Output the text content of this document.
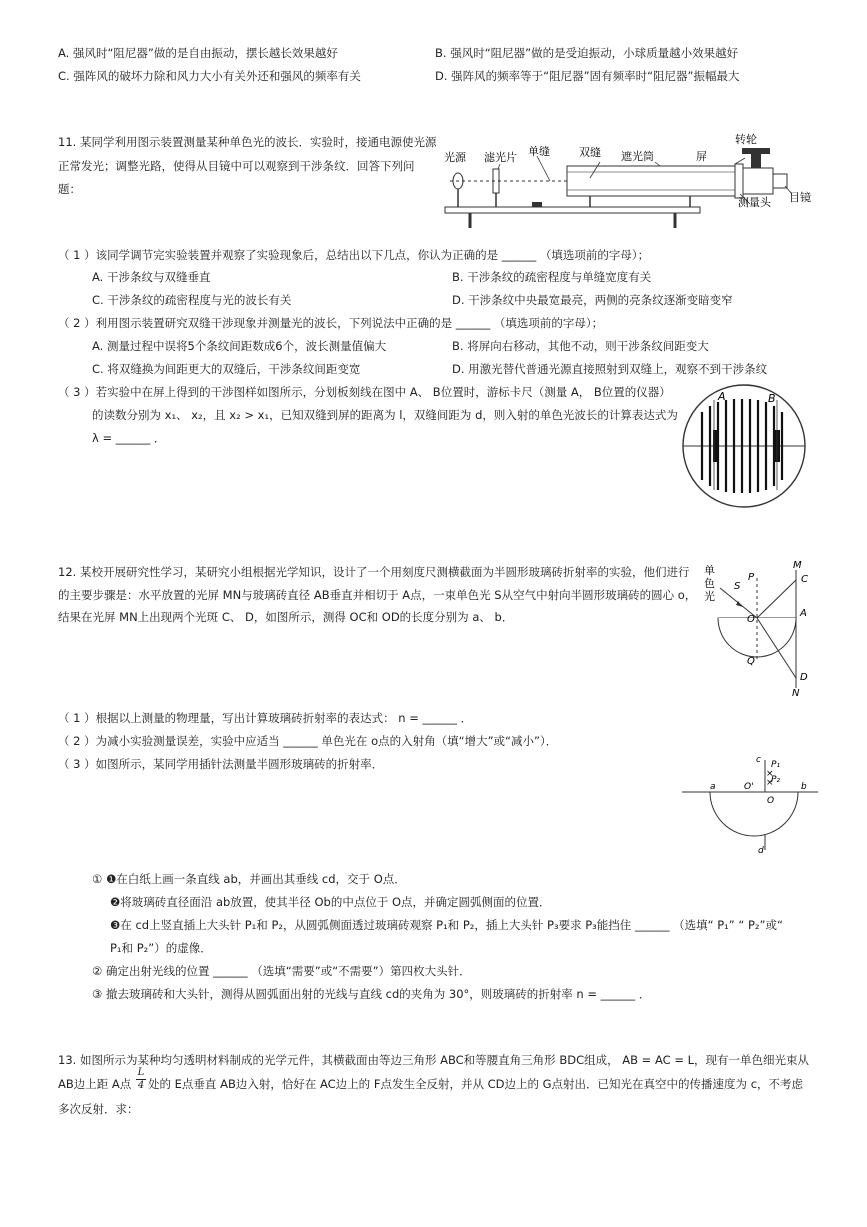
A. 强风时“阻尼器”做的是自由振动，摆长越长效果越好	B. 强风时“阻尼器”做的是受迫振动，小球质量越小效果越好
C. 强阵风的破坏力除和风力大小有关外还和强风的频率有关	D. 强阵风的频率等于“阻尼器”固有频率时“阻尼器”振幅最大
11. 某同学利用图示装置测量某种单色光的波长．实验时，接通电源使光源
正常发光；调整光路，使得从目镜中可以观察到干涉条纹．回答下列问
题：
光源 滤光片 单缝	双缝 遮光筒	屏
转轮
目镜
测量头
（ 1 ）该同学调节完实验装置并观察了实验现象后，总结出以下几点，你认为正确的是 ______ （填选项前的字母）；
A. 干涉条纹与双缝垂直	B. 干涉条纹的疏密程度与单缝宽度有关
C. 干涉条纹的疏密程度与光的波长有关	D. 干涉条纹中央最宽最亮，两侧的亮条纹逐渐变暗变窄
（ 2 ）利用图示装置研究双缝干涉现象并测量光的波长，下列说法中正确的是 ______ （填选项前的字母）；
A. 测量过程中误将5个条纹间距数成6个，波长测量值偏大	B. 将屏向右移动，其他不动，则干涉条纹间距变大
C. 将双缝换为间距更大的双缝后，干涉条纹间距变宽	D. 用激光替代普通光源直接照射到双缝上，观察不到干涉条纹
（ 3 ）若实验中在屏上得到的干涉图样如图所示，分划板刻线在图中 A、 B位置时，游标卡尺（测量 A， B位置的仪器）
的读数分别为 x₁、 x₂，且 x₂ > x₁，已知双缝到屏的距离为 l，双缝间距为 d，则入射的单色光波长的计算表达式为
λ = ______ ．
A	B
12. 某校开展研究性学习，某研究小组根据光学知识，设计了一个用刻度尺测横截面为半圆形玻璃砖折射率的实验，他们进行
的主要步骤是：水平放置的光屏 MN与玻璃砖直径 AB垂直并相切于 A点，一束单色光 S从空气中射向半圆形玻璃砖的圆心 o，
结果在光屏 MN上出现两个光斑 C、 D，如图所示，测得 OC和 OD的长度分别为 a、 b．
单
色
光
S
P
M
C
O
A
Q
D
N
（ 1 ）根据以上测量的物理量，写出计算玻璃砖折射率的表达式： n = ______ ．
（ 2 ）为减小实验测量误差，实验中应适当 ______ 单色光在 o点的入射角（填“增大”或“减小”）．
（ 3 ）如图所示，某同学用插针法测量半圆形玻璃砖的折射率．
×
×
c P₁
P₂
a	O'
O
b
d
① ❶在白纸上画一条直线 ab，并画出其垂线 cd，交于 O点．
❷将玻璃砖直径面沿 ab放置，使其半径 Ob的中点位于 O点，并确定圆弧侧面的位置．
❸在 cd上竖直插上大头针 P₁和 P₂，从圆弧侧面透过玻璃砖观察 P₁和 P₂，插上大头针 P₃要求 P₃能挡住 ______ （选填“ P₁” “ P₂”或“
P₁和 P₂”）的虚像．
② 确定出射光线的位置 ______ （选填“需要”或“不需要”）第四枚大头针．
③ 撤去玻璃砖和大头针，测得从圆弧面出射的光线与直线 cd的夹角为 30°，则玻璃砖的折射率 n = ______ ．
13. 如图所示为某种均匀透明材料制成的光学元件，其横截面由等边三角形 ABC和等腰直角三角形 BDC组成， AB = AC = L，现有一单色细光束从
AB边上距 A点 $\frac{L}{4}$ 处的 E点垂直 AB边入射，恰好在 AC边上的 F点发生全反射，并从 CD边上的 G点射出．已知光在真空中的传播速度为 c，不考虑
多次反射．求：
